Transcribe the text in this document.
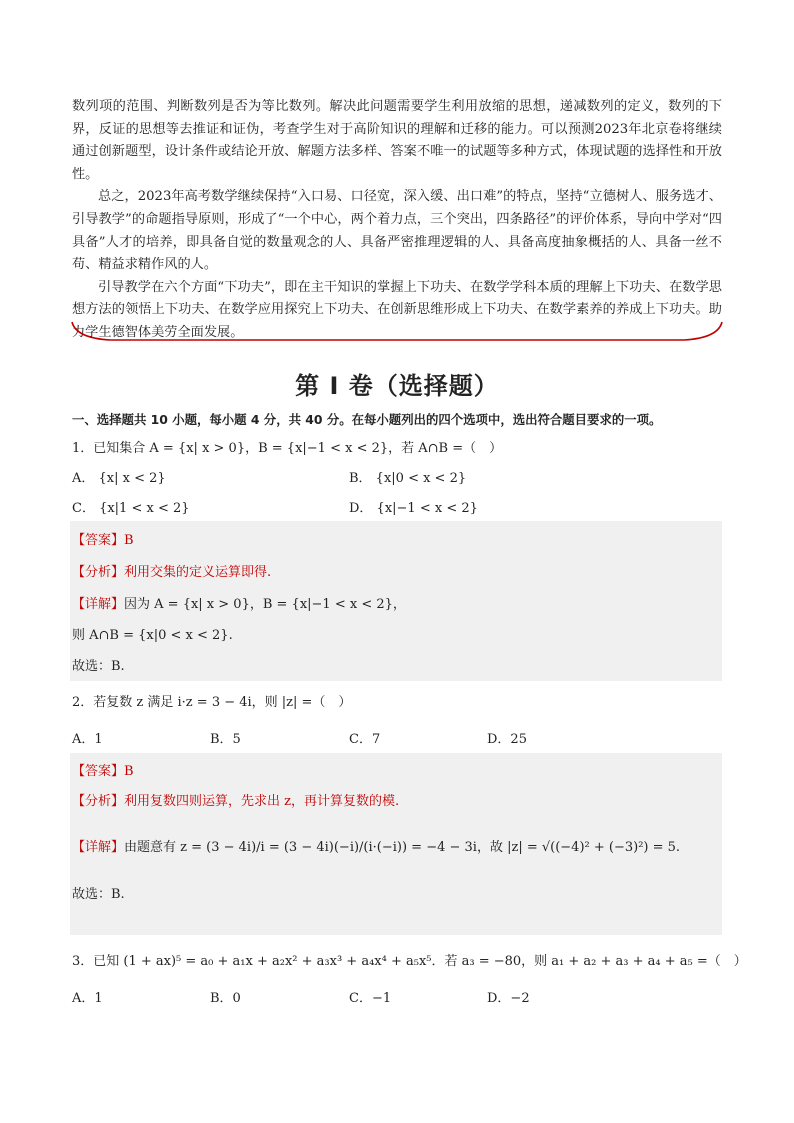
数列项的范围、判断数列是否为等比数列。解决此问题需要学生利用放缩的思想，递减数列的定义，数列的下界，反证的思想等去推证和证伪，考查学生对于高阶知识的理解和迁移的能力。可以预测2023年北京卷将继续通过创新题型，设计条件或结论开放、解题方法多样、答案不唯一的试题等多种方式，体现试题的选择性和开放性。

总之，2023年高考数学继续保持“入口易、口径宽，深入缓、出口难”的特点，坚持“立德树人、服务选才、引导教学”的命题指导原则，形成了“一个中心，两个着力点，三个突出，四条路径”的评价体系，导向中学对“四具备”人才的培养，即具备自觉的数量观念的人、具备严密推理逻辑的人、具备高度抽象概括的人、具备一丝不苟、精益求精作风的人。

引导教学在六个方面“下功夫”，即在主干知识的掌握上下功夫、在数学学科本质的理解上下功夫、在数学思想方法的领悟上下功夫、在数学应用探究上下功夫、在创新思维形成上下功夫、在数学素养的养成上下功夫。助力学生德智体美劳全面发展。

第 I 卷（选择题）
一、选择题共 10 小题，每小题 4 分，共 40 分。在每小题列出的四个选项中，选出符合题目要求的一项。
1．已知集合 A = {x| x > 0}，B = {x|−1 < x < 2}，若 A∩B =（　）
A． {x| x < 2}	B． {x|0 < x < 2}
C． {x|1 < x < 2}	D． {x|−1 < x < 2}
【答案】B
【分析】利用交集的定义运算即得.
【详解】因为 A = {x| x > 0}，B = {x|−1 < x < 2}，
则 A∩B = {x|0 < x < 2}.
故选：B.
2．若复数 z 满足 i·z = 3 − 4i，则 |z| =（　）
A．1	B．5	C．7	D．25
【答案】B
【分析】利用复数四则运算，先求出 z，再计算复数的模.
【详解】由题意有 z = (3 − 4i)/i = (3 − 4i)(−i)/(i·(−i)) = −4 − 3i，故 |z| = √((−4)² + (−3)²) = 5.
故选：B.
3．已知 (1 + ax)⁵ = a₀ + a₁x + a₂x² + a₃x³ + a₄x⁴ + a₅x⁵．若 a₃ = −80，则 a₁ + a₂ + a₃ + a₄ + a₅ =（　）
A．1	B．0	C．−1	D．−2
